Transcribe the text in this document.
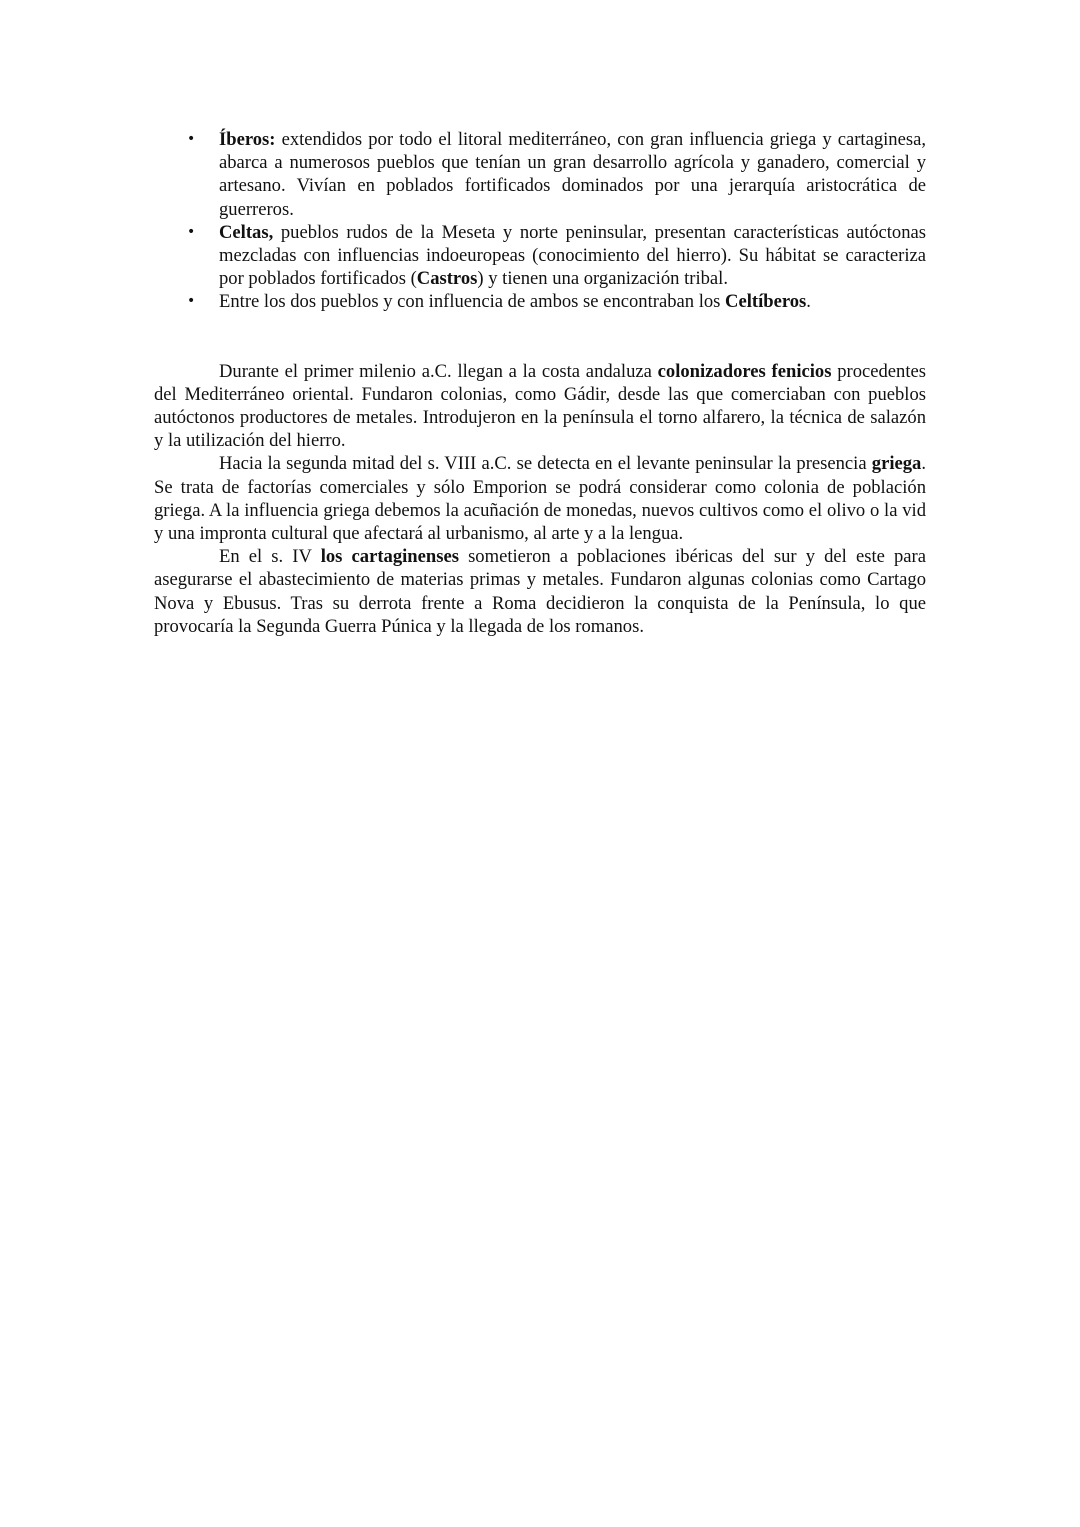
• Íberos: extendidos por todo el litoral mediterráneo, con gran influencia griega y cartaginesa, abarca a numerosos pueblos que tenían un gran desarrollo agrícola y ganadero, comercial y artesano. Vivían en poblados fortificados dominados por una jerarquía aristocrática de guerreros.
• Celtas, pueblos rudos de la Meseta y norte peninsular, presentan características autóctonas mezcladas con influencias indoeuropeas (conocimiento del hierro). Su hábitat se caracteriza por poblados fortificados (Castros) y tienen una organización tribal.
• Entre los dos pueblos y con influencia de ambos se encontraban los Celtíberos.

Durante el primer milenio a.C. llegan a la costa andaluza colonizadores fenicios procedentes del Mediterráneo oriental. Fundaron colonias, como Gádir, desde las que comerciaban con pueblos autóctonos productores de metales. Introdujeron en la península el torno alfarero, la técnica de salazón y la utilización del hierro.

Hacia la segunda mitad del s. VIII a.C. se detecta en el levante peninsular la presencia griega. Se trata de factorías comerciales y sólo Emporion se podrá considerar como colonia de población griega. A la influencia griega debemos la acuñación de monedas, nuevos cultivos como el olivo o la vid y una impronta cultural que afectará al urbanismo, al arte y a la lengua.

En el s. IV los cartaginenses sometieron a poblaciones ibéricas del sur y del este para asegurarse el abastecimiento de materias primas y metales. Fundaron algunas colonias como Cartago Nova y Ebusus. Tras su derrota frente a Roma decidieron la conquista de la Península, lo que provocaría la Segunda Guerra Púnica y la llegada de los romanos.
